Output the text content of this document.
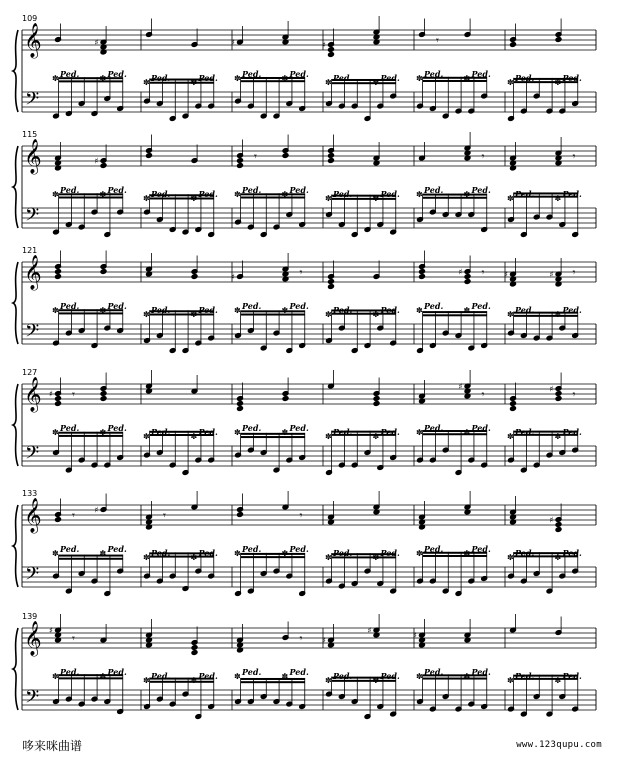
𝄞
𝄢
109
♯
✽ Ped.	✽ Ped.
✽ Ped.	✽ Ped.
♯
✽ Ped.	✽ Ped.
♯
✽ Ped.	✽ Ped.
𝄾
✽ Ped.	✽ Ped.
✽ Ped.	✽ Ped.
𝄞
𝄢
115
♯
✽ Ped.	✽ Ped.
✽ Ped.	✽ Ped.
𝄾
✽ Ped.	✽ Ped.
✽ Ped.	✽ Ped.
𝄾
✽ Ped.	✽ Ped.
𝄾
✽ Ped.	✽ Ped.
𝄞
𝄢
121
✽ Ped.	✽ Ped.
✽ Ped.	✽ Ped.
♯	𝄾
✽ Ped.	✽ Ped.
✽ Ped.	✽ Ped.
♯ 𝄾
✽ Ped.	✽ Ped.
♯	♯ 𝄾
✽ Ped.	✽ Ped.
𝄞
𝄢
127
♯ 𝄾
✽ Ped.	✽ Ped.
✽ Ped.	✽ Ped. ✽ Ped.	✽ Ped.
✽ Ped.	✽ Ped.
♯
𝄾
✽ Ped.	✽ Ped.
♯ 𝄾
✽ Ped.	✽ Ped.
𝄞
𝄢
133
𝄾 ♯
✽ Ped.	✽ Ped.
𝄾
✽ Ped.	✽ Ped.
𝄾
✽ Ped.	✽ Ped.
✽ Ped.	✽ Ped. ✽ Ped.	✽ Ped.
♯
✽ Ped.	✽ Ped.
𝄞
𝄢
139
♯
𝄾
✽ Ped.	✽ Ped.
✽ Ped.	✽ Ped.
𝄾
✽ Ped.	✽ Ped.
♯
♯
✽ Ped.	✽ Ped.
♯
✽ Ped.	✽ Ped.
✽ Ped.	✽ Ped.
哆来咪曲谱	www.123qupu.com
